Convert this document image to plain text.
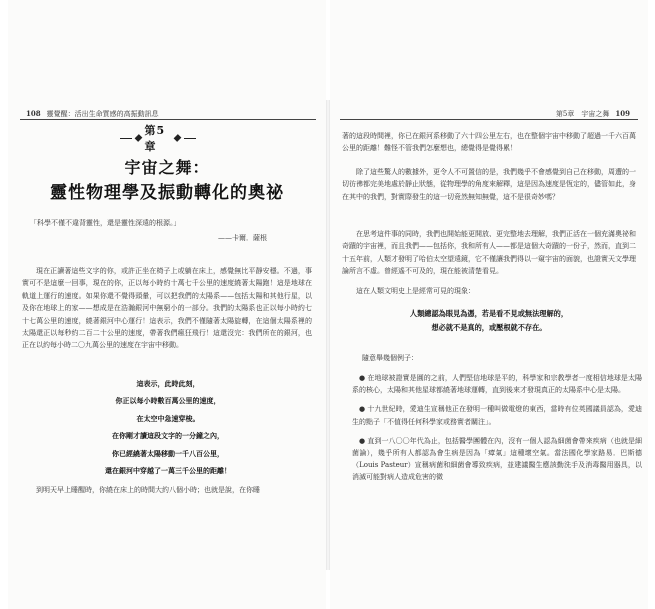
108 靈覺醒：活出生命質感的高振動訊息
第5章
宇宙之舞：
靈性物理學及振動轉化的奧祕
「科學不僅不違背靈性，還是靈性深遠的根源。」
——卡爾．薩根

現在正讀著這些文字的你，或許正坐在椅子上或躺在床上，感覺無比平靜安穩。不過，事實可不是這麼一回事，現在的你，正以每小時約十萬七千公里的速度繞著太陽跑！這是地球在軌道上運行的速度。如果你還不覺得頭暈，可以把我們的太陽系——包括太陽和其他行星，以及你在地球上的家——想成是在浩瀚銀河中無窮小的一部分。我們的太陽系也正以每小時約七十七萬公里的速度，繞著銀河中心運行！這表示，我們不僅隨著太陽旋轉，在這個太陽系裡的太陽還正以每秒約二百二十公里的速度，帶著我們瘋狂飛行！這還沒完：我們所在的銀河，也正在以約每小時二〇九萬公里的速度在宇宙中移動。

這表示，此時此刻，
你正以每小時數百萬公里的速度，
在太空中急速穿梭。
在你剛才讀這段文字的一分鐘之內，
你已經繞著太陽移動一千八百公里，
還在銀河中穿越了一萬三千公里的距離！

到明天早上睡醒時，你繞在床上的時間大約八個小時；也就是說，在你睡

第5章　宇宙之舞 109

著的這段時間裡，你已在銀河系移動了六十四公里左右，也在整個宇宙中移動了超過一千六百萬公里的距離！難怪不管我們怎麼想也，總覺得是覺得累！

除了這些驚人的數據外，更令人不可置信的是，我們幾乎不會感覺到自己在移動，周遭的一切彷彿都完美地處於靜止狀態，從物理學的角度來解釋，這是因為速度是恆定的，儘管如此，身在其中的我們，對實際發生的這一切竟然無知無覺，這不是很奇妙嗎？

在思考這件事的同時，我們也開始能更開放、更完整地去理解，我們正活在一個充滿奧祕和奇蹟的宇宙裡，而且我們——包括你，我和所有人——都是這個大奇蹟的一份子，然而，直到二十五年前，人類才發明了哈伯太空望遠鏡，它不僅讓我們得以一窺宇宙的面貌，也證實天文學理論所言不虛。曾經遙不可及的，現在能被清楚看見。

這在人類文明史上是經常可見的現象：

人類總認為眼見為憑，若是看不見或無法理解的，
想必就不是真的，或壓根就不存在。
隨意舉幾個例子：
● 在地球被證實是圓的之前，人們堅信地球是平的，科學家和宗教學者一度相信地球是太陽系的核心，太陽和其他星球都繞著地球運轉，直到後來才發現真正的太陽系中心是太陽。
● 十九世紀時，愛迪生宣稱他正在發明一種叫做電燈的東西，當時有位英國議員認為，愛迪生的點子「不值得任何科學家或務實者關注」。
● 直到一八〇〇年代為止，包括醫學團體在內，沒有一個人認為細菌會帶來疾病（也就是細菌論），幾乎所有人都認為會生病是因為「瘴氣」這種壞空氣。當法國化學家路易．巴斯德（Louis Pasteur）宣稱病菌和細菌會導致疾病，並建議醫生應該勤洗手及消毒醫用器具，以消滅可能對病人造成危害的微
